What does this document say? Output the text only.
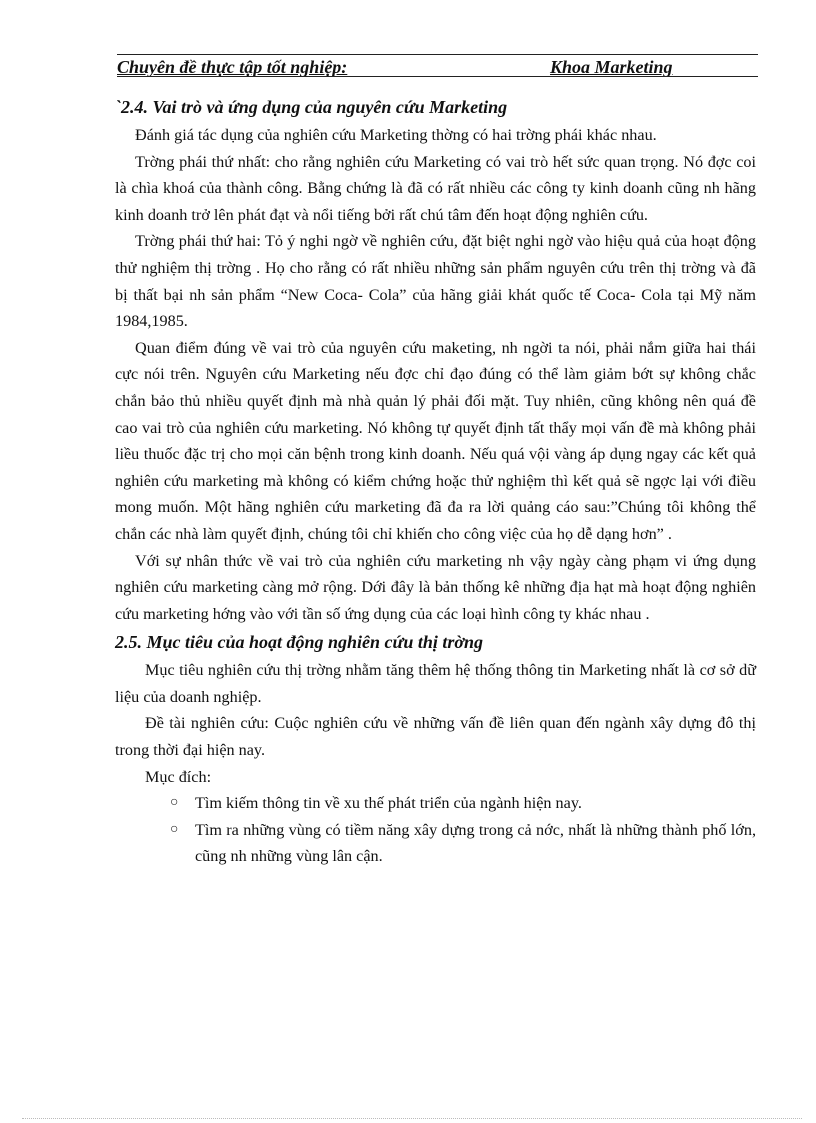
Chuyên đề thực tập tốt nghiệp:	Khoa Marketing

`2.4. Vai trò và ứng dụng của nguyên cứu Marketing

Đánh giá tác dụng của nghiên cứu Marketing thờng có hai trờng phái khác nhau.

Trờng phái thứ nhất: cho rằng nghiên cứu Marketing có vai trò hết sức quan trọng. Nó đợc coi là chìa khoá của thành công. Bằng chứng là đã có rất nhiều các công ty kinh doanh cũng nh hãng kinh doanh trở lên phát đạt và nổi tiếng bởi rất chú tâm đến hoạt động nghiên cứu.

Trờng phái thứ hai: Tỏ ý nghi ngờ về nghiên cứu, đặt biệt nghi ngờ vào hiệu quả của hoạt động thử nghiệm thị trờng . Họ cho rằng có rất nhiều những sản phẩm nguyên cứu trên thị trờng và đã bị thất bại nh sản phẩm “New Coca- Cola” của hãng giải khát quốc tế Coca- Cola tại Mỹ năm 1984,1985.

Quan điểm đúng về vai trò của nguyên cứu maketing, nh ngời ta nói, phải nắm giữa hai thái cực nói trên. Nguyên cứu Marketing nếu đợc chỉ đạo đúng có thể làm giảm bớt sự không chắc chắn bảo thủ nhiều quyết định mà nhà quản lý phải đối mặt. Tuy nhiên, cũng không nên quá đề cao vai trò của nghiên cứu marketing. Nó không tự quyết định tất thẩy mọi vấn đề mà không phải liều thuốc đặc trị cho mọi căn bệnh trong kinh doanh. Nếu quá vội vàng áp dụng ngay các kết quả nghiên cứu marketing mà không có kiểm chứng hoặc thử nghiệm thì kết quả sẽ ngợc lại với điều mong muốn. Một hãng nghiên cứu marketing đã đa ra lời quảng cáo sau:”Chúng tôi không thể chắn các nhà làm quyết định, chúng tôi chỉ khiến cho công việc của họ dễ dạng hơn” .

Với sự nhân thức về vai trò của nghiên cứu marketing nh vậy ngày càng phạm vi ứng dụng nghiên cứu marketing càng mở rộng. Dới đây là bản thống kê những địa hạt mà hoạt động nghiên cứu marketing hớng vào với tần số ứng dụng của các loại hình công ty khác nhau .

2.5. Mục tiêu của hoạt động nghiên cứu thị trờng

Mục tiêu nghiên cứu thị trờng nhằm tăng thêm hệ thống thông tin Marketing nhất là cơ sở dữ liệu của doanh nghiệp.

Đề tài nghiên cứu: Cuộc nghiên cứu về những vấn đề liên quan đến ngành xây dựng đô thị trong thời đại hiện nay.

Mục đích:

○ Tìm kiếm thông tin về xu thế phát triển của ngành hiện nay.
○ Tìm ra những vùng có tiềm năng xây dựng trong cả nớc, nhất là những thành phố lớn, cũng nh những vùng lân cận.
